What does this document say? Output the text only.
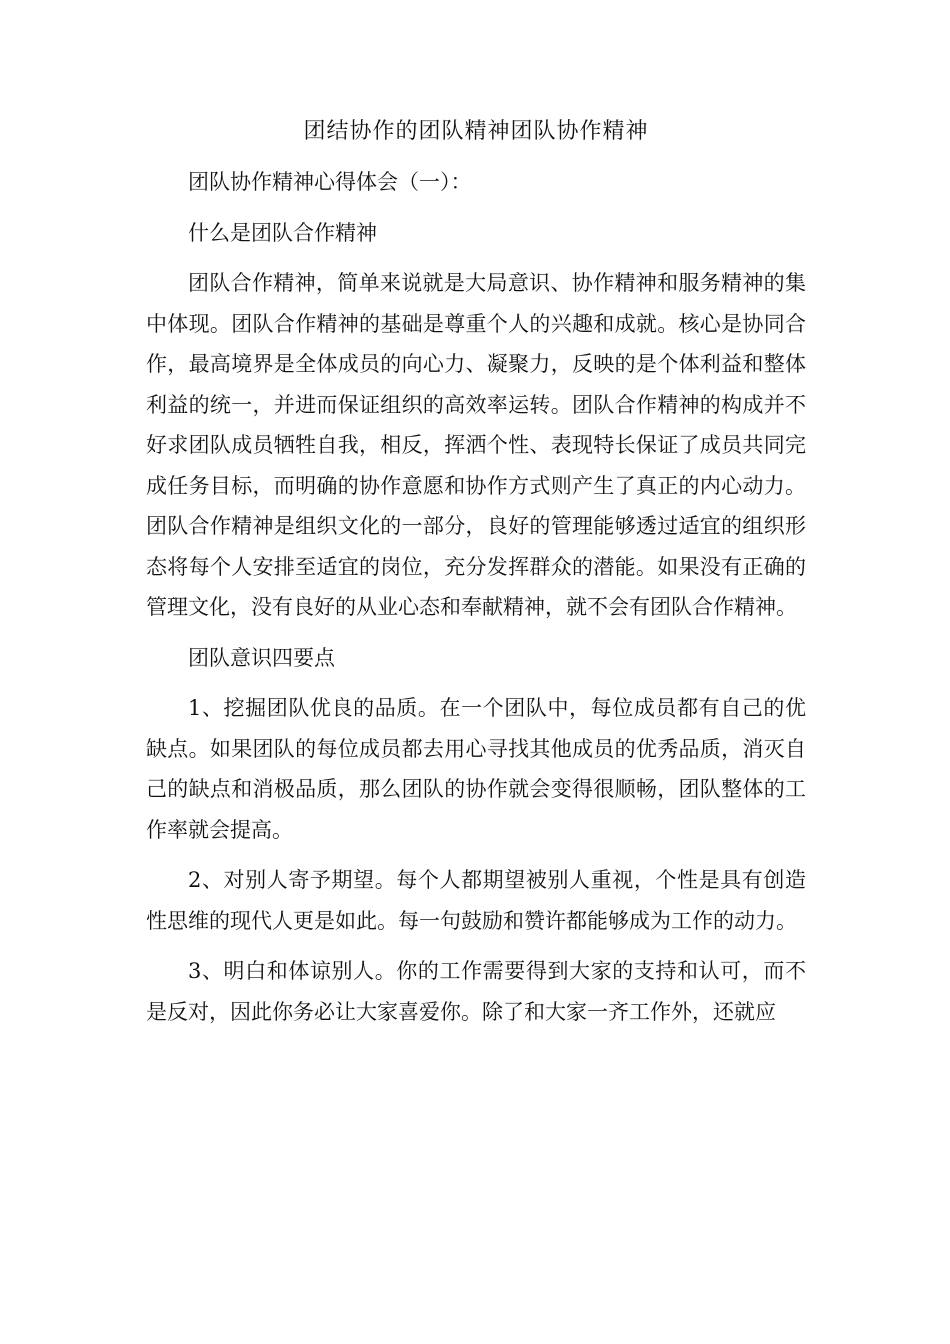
团结协作的团队精神团队协作精神

团队协作精神心得体会（一）：

什么是团队合作精神

团队合作精神，简单来说就是大局意识、协作精神和服务精神的集中体现。团队合作精神的基础是尊重个人的兴趣和成就。核心是协同合作，最高境界是全体成员的向心力、凝聚力，反映的是个体利益和整体利益的统一，并进而保证组织的高效率运转。团队合作精神的构成并不好求团队成员牺牲自我，相反，挥洒个性、表现特长保证了成员共同完成任务目标，而明确的协作意愿和协作方式则产生了真正的内心动力。团队合作精神是组织文化的一部分，良好的管理能够透过适宜的组织形态将每个人安排至适宜的岗位，充分发挥群众的潜能。如果没有正确的管理文化，没有良好的从业心态和奉献精神，就不会有团队合作精神。

团队意识四要点

1、挖掘团队优良的品质。在一个团队中，每位成员都有自己的优缺点。如果团队的每位成员都去用心寻找其他成员的优秀品质，消灭自己的缺点和消极品质，那么团队的协作就会变得很顺畅，团队整体的工作率就会提高。

2、对别人寄予期望。每个人都期望被别人重视，个性是具有创造性思维的现代人更是如此。每一句鼓励和赞许都能够成为工作的动力。

3、明白和体谅别人。你的工作需要得到大家的支持和认可，而不是反对，因此你务必让大家喜爱你。除了和大家一齐工作外，还就应
